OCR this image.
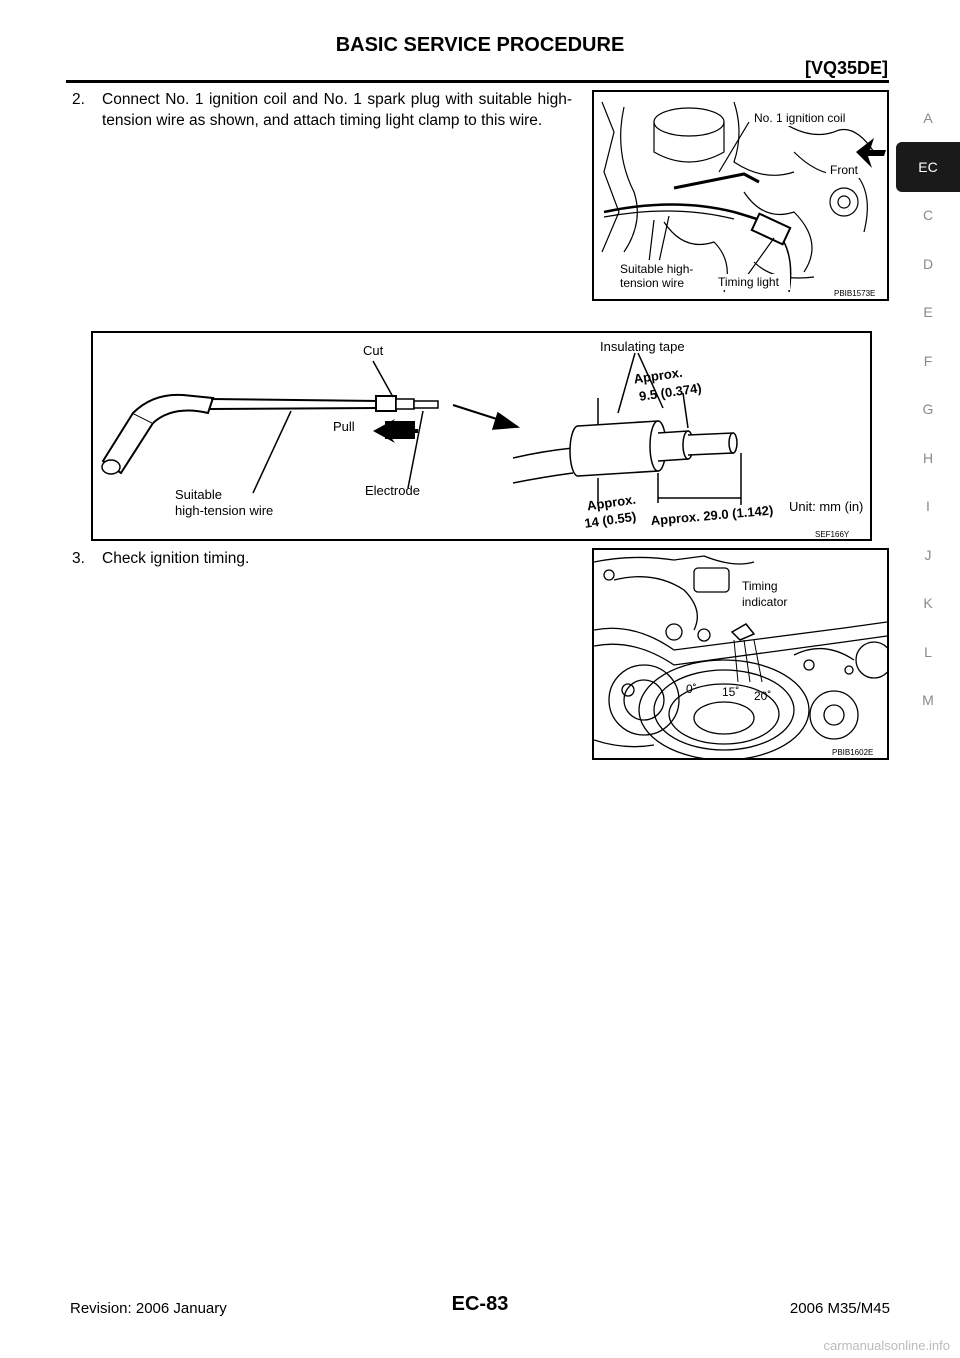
BASIC SERVICE PROCEDURE
[VQ35DE]
2. Connect No. 1 ignition coil and No. 1 spark plug with suitable high-tension wire as shown, and attach timing light clamp to this wire.	No. 1 ignition coil
Front
Suitable high-
tension wire	Timing light
PBIB1573E
Cut
Pull
Electrode
Suitable
high-tension wire
Insulating tape
Approx.
9.5 (0.374)
Approx.
14 (0.55) Approx. 29.0 (1.142) Unit: mm (in)
SEF166Y
3. Check ignition timing.
Timing
indicator
0˚ 15˚ 20˚
PBIB1602E
A
EC
C
D
E
F
G
H
I
J
K
L
M
Revision: 2006 January	EC-83	2006 M35/M45
carmanualsonline.info
